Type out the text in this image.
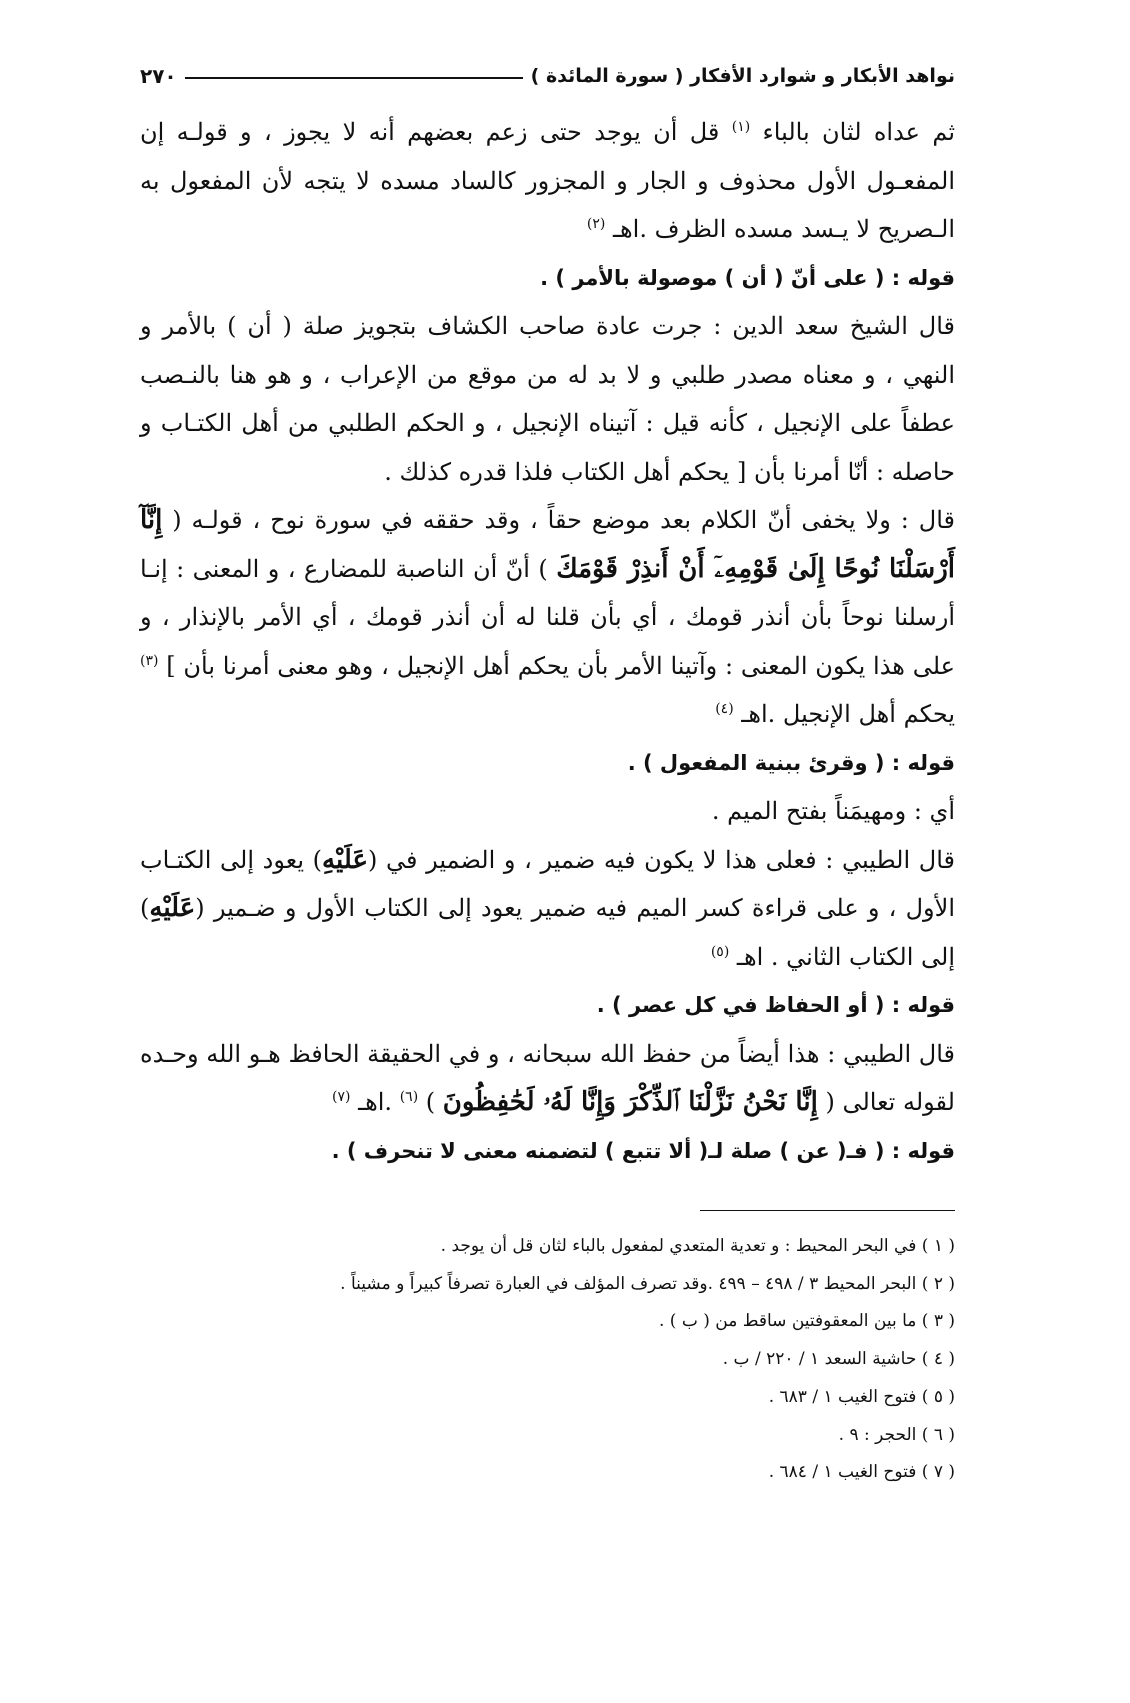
نواهد الأبكار و شوارد الأفكار ( سورة المائدة )
٢٧٠

ثم عداه لثان بالباء $^{(١)}$ قل أن يوجد حتى زعم بعضهم أنه لا يجوز ، و قولـه إن المفعـول الأول محذوف و الجار و المجزور كالساد مسده لا يتجه لأن المفعول به الـصريح لا يـسد مسده الظرف .اهـ $^{(٢)}$

قوله : ( على أنّ ( أن ) موصولة بالأمر ) .

قال الشيخ سعد الدين : جرت عادة صاحب الكشاف بتجويز صلة ( أن ) بالأمر و النهي ، و معناه مصدر طلبي و لا بد له من موقع من الإعراب ، و هو هنا بالنـصب عطفاً على الإنجيل ، كأنه قيل : آتيناه الإنجيل ، و الحكم الطلبي من أهل الكتـاب و حاصله : أنّا أمرنا بأن [ يحكم أهل الكتاب فلذا قدره كذلك .

قال : ولا يخفى أنّ الكلام بعد موضع حقاً ، وقد حققه في سورة نوح ، قولـه ( إِنَّآ أَرْسَلْنَا نُوحًا إِلَىٰ قَوْمِهِۦٓ أَنْ أَنذِرْ قَوْمَكَ ) أنّ أن الناصبة للمضارع ، و المعنى : إنـا أرسلنا نوحاً بأن أنذر قومك ، أي بأن قلنا له أن أنذر قومك ، أي الأمر بالإنذار ، و على هذا يكون المعنى : وآتينا الأمر بأن يحكم أهل الإنجيل ، وهو معنى أمرنا بأن ] $^{(٣)}$ يحكم أهل الإنجيل .اهـ $^{(٤)}$

قوله : ( وقرئ ببنية المفعول ) .

أي : ومهيمَناً بفتح الميم .

قال الطيبي : فعلى هذا لا يكون فيه ضمير ، و الضمير في (عَلَيْهِ) يعود إلى الكتـاب الأول ، و على قراءة كسر الميم فيه ضمير يعود إلى الكتاب الأول و ضـمير (عَلَيْهِ) إلى الكتاب الثاني . اهـ $^{(٥)}$

قوله : ( أو الحفاظ في كل عصر ) .

قال الطيبي : هذا أيضاً من حفظ الله سبحانه ، و في الحقيقة الحافظ هـو الله وحـده لقوله تعالى ( إِنَّا نَحْنُ نَزَّلْنَا ٱلذِّكْرَ وَإِنَّا لَهُۥ لَحَٰفِظُونَ ) $^{(٦)}$ .اهـ $^{(٧)}$

قوله : ( فـ( عن ) صلة لـ( ألا تتبع ) لتضمنه معنى لا تنحرف ) .

( ١ ) في البحر المحيط : و تعدية المتعدي لمفعول بالباء لثان قل أن يوجد .

( ٢ ) البحر المحيط ٣ / ٤٩٨ – ٤٩٩ .وقد تصرف المؤلف في العبارة تصرفاً كبيراً و مشيناً .

( ٣ ) ما بين المعقوفتين ساقط من ( ب ) .

( ٤ ) حاشية السعد ١ / ٢٢٠ / ب .

( ٥ ) فتوح الغيب ١ / ٦٨٣ .

( ٦ ) الحجر : ٩ .

( ٧ ) فتوح الغيب ١ / ٦٨٤ .
